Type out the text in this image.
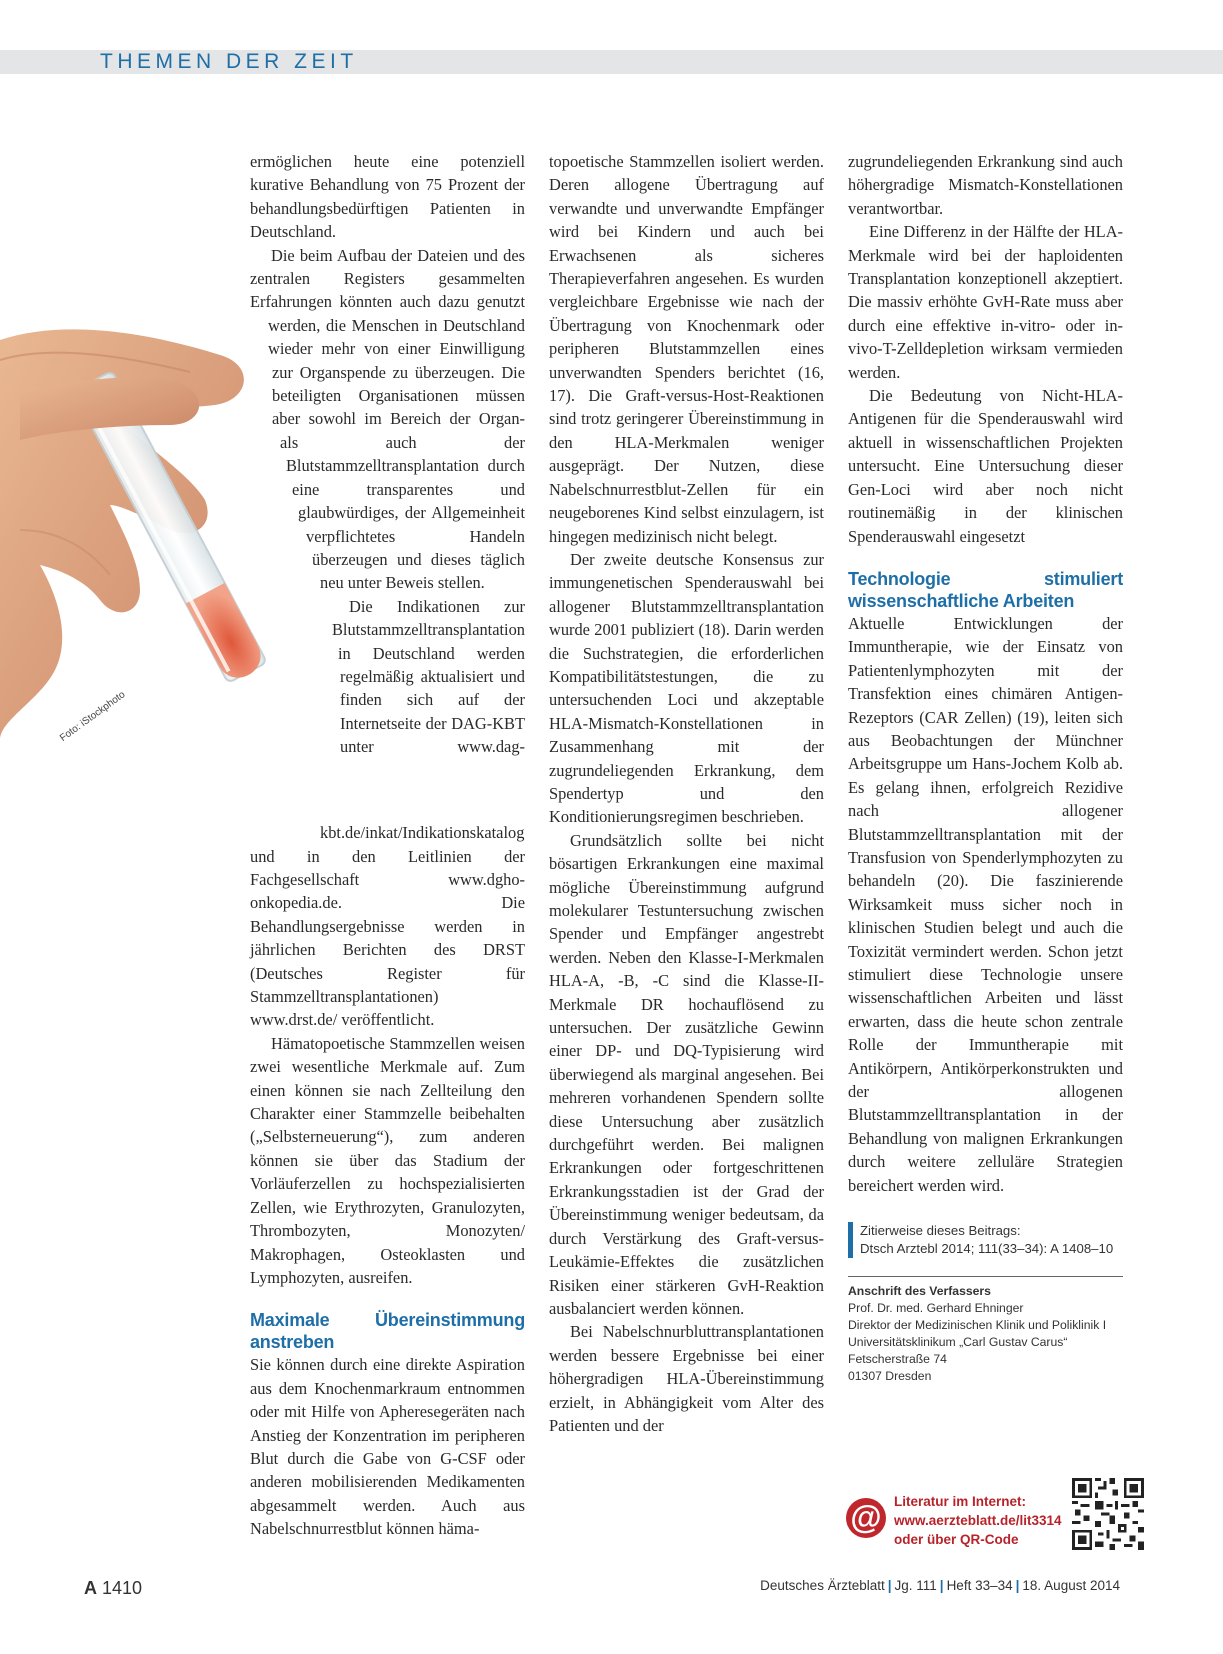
THEMEN DER ZEIT
Foto: iStockphoto

ermöglichen heute eine potenziell kurative Behandlung von 75 Prozent der behandlungsbedürftigen Patienten in Deutschland.

Die beim Aufbau der Dateien und des zentralen Registers gesammelten Erfahrungen könnten auch dazu genutzt werden, die Menschen in Deutschland wieder mehr von einer Einwilligung zur Organspende zu überzeugen. Die beteiligten Organisationen müssen aber sowohl im Bereich der Organ- als auch der Blutstammzelltransplantation durch eine transparentes und glaubwürdiges, der Allgemeinheit verpflichtetes Handeln überzeugen und dieses täglich neu unter Beweis stellen.

Die Indikationen zur Blutstammzelltransplantation in Deutschland werden regelmäßig aktualisiert und finden sich auf der Internetseite der DAG-KBT unter www.dag-kbt.de/inkat/Indikationskatalog und in den Leitlinien der Fachgesellschaft www.dgho-onkopedia.de. Die Behandlungsergebnisse werden in jährlichen Berichten des DRST (Deutsches Register für Stammzelltransplantationen) www.drst.de/ veröffentlicht.

Hämatopoetische Stammzellen weisen zwei wesentliche Merkmale auf. Zum einen können sie nach Zellteilung den Charakter einer Stammzelle beibehalten („Selbsterneuerung“), zum anderen können sie über das Stadium der Vorläuferzellen zu hochspezialisierten Zellen, wie Erythrozyten, Granulozyten, Thrombozyten, Monozyten/ Makrophagen, Osteoklasten und Lymphozyten, ausreifen.

Maximale Übereinstimmung anstreben

Sie können durch eine direkte Aspiration aus dem Knochenmarkraum entnommen oder mit Hilfe von Apheresegeräten nach Anstieg der Konzentration im peripheren Blut durch die Gabe von G-CSF oder anderen mobilisierenden Medikamenten abgesammelt werden. Auch aus Nabelschnurrestblut können häma-

topoetische Stammzellen isoliert werden. Deren allogene Übertragung auf verwandte und unverwandte Empfänger wird bei Kindern und auch bei Erwachsenen als sicheres Therapieverfahren angesehen. Es wurden vergleichbare Ergebnisse wie nach der Übertragung von Knochenmark oder peripheren Blutstammzellen eines unverwandten Spenders berichtet (16, 17). Die Graft-versus-Host-Reaktionen sind trotz geringerer Übereinstimmung in den HLA-Merkmalen weniger ausgeprägt. Der Nutzen, diese Nabelschnurrestblut-Zellen für ein neugeborenes Kind selbst einzulagern, ist hingegen medizinisch nicht belegt.

Der zweite deutsche Konsensus zur immungenetischen Spenderauswahl bei allogener Blutstammzelltransplantation wurde 2001 publiziert (18). Darin werden die Suchstrategien, die erforderlichen Kompatibilitätstestungen, die zu untersuchenden Loci und akzeptable HLA-Mismatch-Konstellationen in Zusammenhang mit der zugrundeliegenden Erkrankung, dem Spendertyp und den Konditionierungsregimen beschrieben.

Grundsätzlich sollte bei nicht bösartigen Erkrankungen eine maximal mögliche Übereinstimmung aufgrund molekularer Testuntersuchung zwischen Spender und Empfänger angestrebt werden. Neben den Klasse-I-Merkmalen HLA-A, -B, -C sind die Klasse-II-Merkmale DR hochauflösend zu untersuchen. Der zusätzliche Gewinn einer DP- und DQ-Typisierung wird überwiegend als marginal angesehen. Bei mehreren vorhandenen Spendern sollte diese Untersuchung aber zusätzlich durchgeführt werden. Bei malignen Erkrankungen oder fortgeschrittenen Erkrankungsstadien ist der Grad der Übereinstimmung weniger bedeutsam, da durch Verstärkung des Graft-versus-Leukämie-Effektes die zusätzlichen Risiken einer stärkeren GvH-Reaktion ausbalanciert werden können.

Bei Nabelschnurbluttransplantationen werden bessere Ergebnisse bei einer höhergradigen HLA-Übereinstimmung erzielt, in Abhängigkeit vom Alter des Patienten und der

zugrundeliegenden Erkrankung sind auch höhergradige Mismatch-Konstellationen verantwortbar.

Eine Differenz in der Hälfte der HLA-Merkmale wird bei der haploidenten Transplantation konzeptionell akzeptiert. Die massiv erhöhte GvH-Rate muss aber durch eine effektive in-vitro- oder in-vivo-T-Zelldepletion wirksam vermieden werden.

Die Bedeutung von Nicht-HLA-Antigenen für die Spenderauswahl wird aktuell in wissenschaftlichen Projekten untersucht. Eine Untersuchung dieser Gen-Loci wird aber noch nicht routinemäßig in der klinischen Spenderauswahl eingesetzt

Technologie stimuliert wissenschaftliche Arbeiten

Aktuelle Entwicklungen der Immuntherapie, wie der Einsatz von Patientenlymphozyten mit der Transfektion eines chimären Antigen-Rezeptors (CAR Zellen) (19), leiten sich aus Beobachtungen der Münchner Arbeitsgruppe um Hans-Jochem Kolb ab. Es gelang ihnen, erfolgreich Rezidive nach allogener Blutstammzelltransplantation mit der Transfusion von Spenderlymphozyten zu behandeln (20). Die faszinierende Wirksamkeit muss sicher noch in klinischen Studien belegt und auch die Toxizität vermindert werden. Schon jetzt stimuliert diese Technologie unsere wissenschaftlichen Arbeiten und lässt erwarten, dass die heute schon zentrale Rolle der Immuntherapie mit Antikörpern, Antikörperkonstrukten und der allogenen Blutstammzelltransplantation in der Behandlung von malignen Erkrankungen durch weitere zelluläre Strategien bereichert werden wird.

Zitierweise dieses Beitrags:
Dtsch Arztebl 2014; 111(33–34): A 1408–10
Anschrift des Verfassers
Prof. Dr. med. Gerhard Ehninger
Direktor der Medizinischen Klinik und Poliklinik I
Universitätsklinikum „Carl Gustav Carus“
Fetscherstraße 74
01307 Dresden
@ Literatur im Internet:
www.aerzteblatt.de/lit3314
oder über QR-Code
A 1410	Deutsches Ärzteblatt | Jg. 111 | Heft 33–34 | 18. August 2014
